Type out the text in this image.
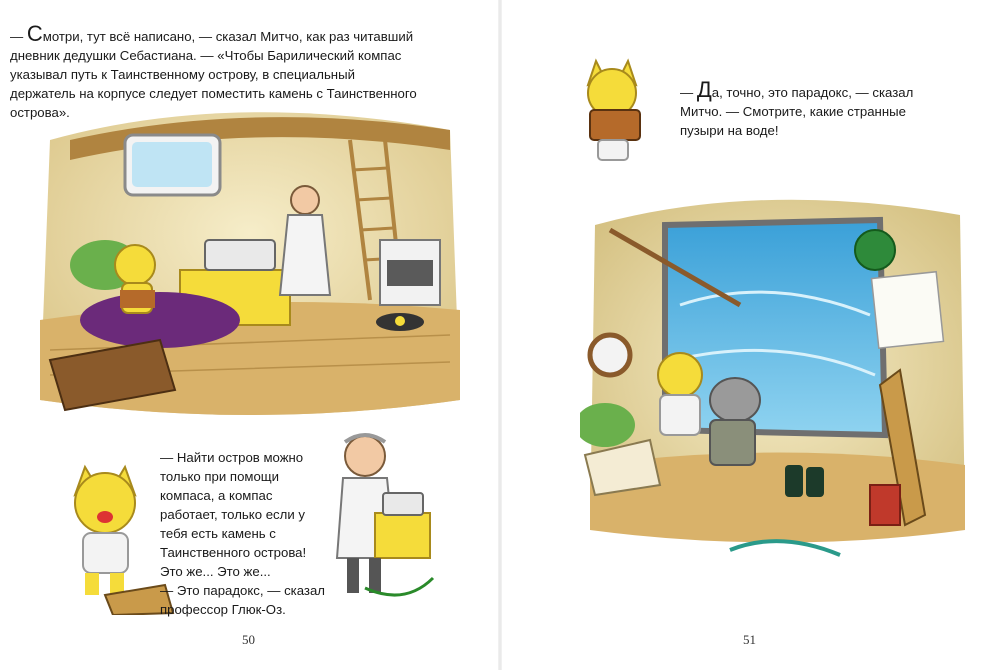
— Смотри, тут всё написано, — сказал Митчо, как раз читавший дневник дедушки Себастиана. — «Чтобы Барилический компас указывал путь к Таинственному острову, в специальный держатель на корпусе следует поместить камень с Таинственного острова».

— Найти остров можно только при помощи компаса, а компас работает, только если у тебя есть камень с Таинственного острова! Это же... Это же...

— Это парадокс, — сказал профессор Глюк-Оз.

50

— Да, точно, это парадокс, — сказал Митчо. — Смотрите, какие странные пузыри на воде!

51
